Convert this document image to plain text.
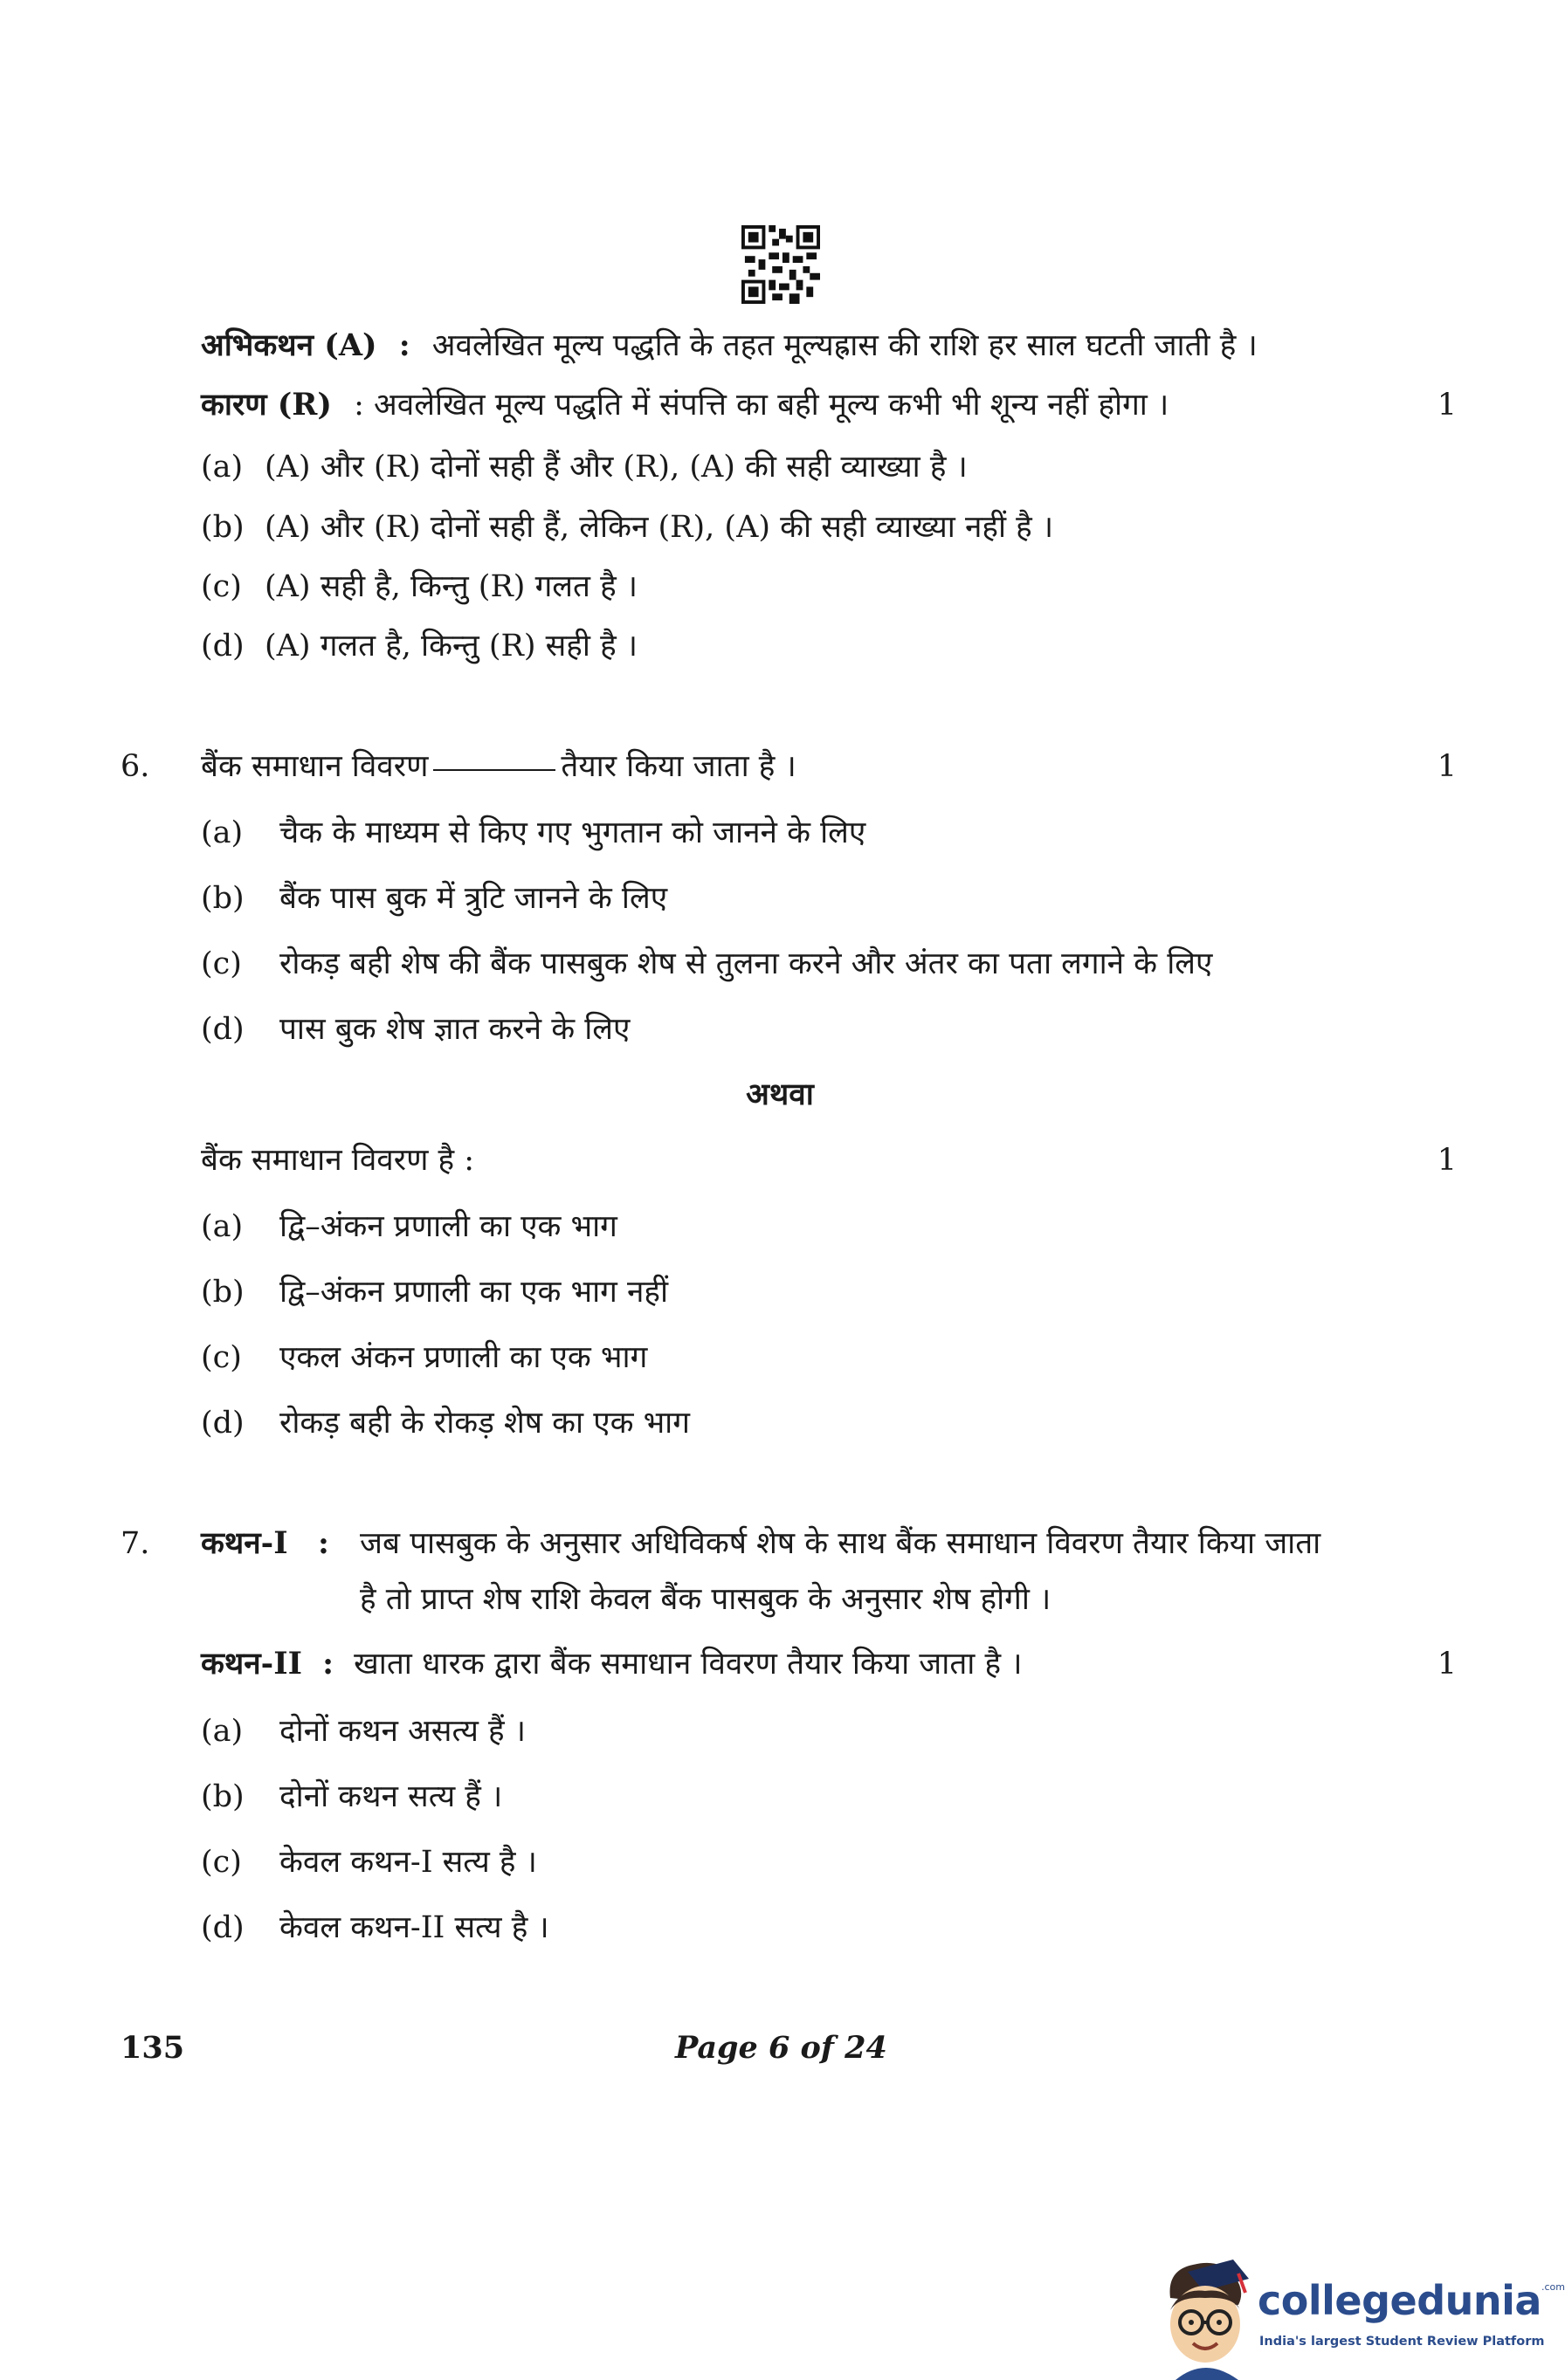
अभिकथन (A) : अवलेखित मूल्य पद्धति के तहत मूल्यह्रास की राशि हर साल घटती जाती है ।
कारण (R) : अवलेखित मूल्य पद्धति में संपत्ति का बही मूल्य कभी भी शून्य नहीं होगा ।	1
(a) (A) और (R) दोनों सही हैं और (R), (A) की सही व्याख्या है ।
(b) (A) और (R) दोनों सही हैं, लेकिन (R), (A) की सही व्याख्या नहीं है ।
(c) (A) सही है, किन्तु (R) गलत है ।
(d) (A) गलत है, किन्तु (R) सही है ।
6. बैंक समाधान विवरण	तैयार किया जाता है ।	1
(a) चैक के माध्यम से किए गए भुगतान को जानने के लिए
(b) बैंक पास बुक में त्रुटि जानने के लिए
(c) रोकड़ बही शेष की बैंक पासबुक शेष से तुलना करने और अंतर का पता लगाने के लिए
(d) पास बुक शेष ज्ञात करने के लिए
अथवा
बैंक समाधान विवरण है :	1
(a) द्वि–अंकन प्रणाली का एक भाग
(b) द्वि–अंकन प्रणाली का एक भाग नहीं
(c) एकल अंकन प्रणाली का एक भाग
(d) रोकड़ बही के रोकड़ शेष का एक भाग
7. कथन-I : जब पासबुक के अनुसार अधिविकर्ष शेष के साथ बैंक समाधान विवरण तैयार किया जाता
है तो प्राप्त शेष राशि केवल बैंक पासबुक के अनुसार शेष होगी ।
कथन-II : खाता धारक द्वारा बैंक समाधान विवरण तैयार किया जाता है ।	1
(a) दोनों कथन असत्य हैं ।
(b) दोनों कथन सत्य हैं ।
(c) केवल कथन-I सत्य है ।
(d) केवल कथन-II सत्य है ।
135	Page 6 of 24
collegedunia$^{.com}$
India's largest Student Review Platform
